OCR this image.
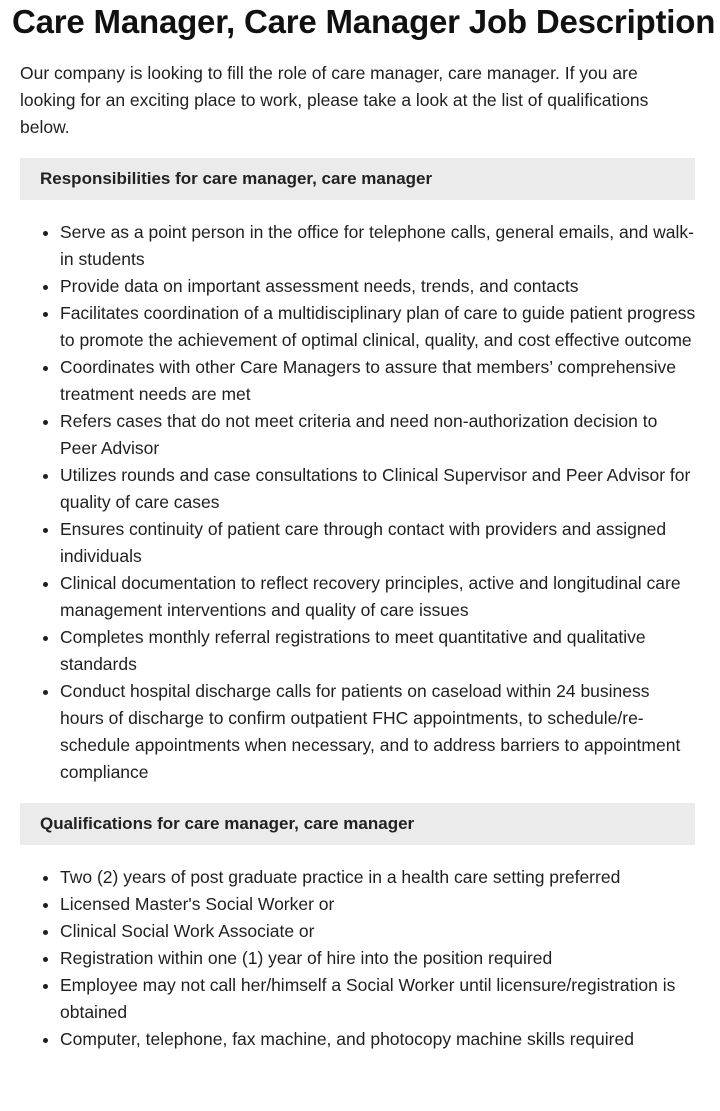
Care Manager, Care Manager Job Description

Our company is looking to fill the role of care manager, care manager. If you are looking for an exciting place to work, please take a look at the list of qualifications below.

Responsibilities for care manager, care manager
• Serve as a point person in the office for telephone calls, general emails, and walk-in students
• Provide data on important assessment needs, trends, and contacts
• Facilitates coordination of a multidisciplinary plan of care to guide patient progress to promote the achievement of optimal clinical, quality, and cost effective outcome
• Coordinates with other Care Managers to assure that members’ comprehensive treatment needs are met
• Refers cases that do not meet criteria and need non-authorization decision to Peer Advisor
• Utilizes rounds and case consultations to Clinical Supervisor and Peer Advisor for quality of care cases
• Ensures continuity of patient care through contact with providers and assigned individuals
• Clinical documentation to reflect recovery principles, active and longitudinal care management interventions and quality of care issues
• Completes monthly referral registrations to meet quantitative and qualitative standards
• Conduct hospital discharge calls for patients on caseload within 24 business hours of discharge to confirm outpatient FHC appointments, to schedule/re-schedule appointments when necessary, and to address barriers to appointment compliance
Qualifications for care manager, care manager
• Two (2) years of post graduate practice in a health care setting preferred
• Licensed Master's Social Worker or
• Clinical Social Work Associate or
• Registration within one (1) year of hire into the position required
• Employee may not call her/himself a Social Worker until licensure/registration is obtained
• Computer, telephone, fax machine, and photocopy machine skills required
